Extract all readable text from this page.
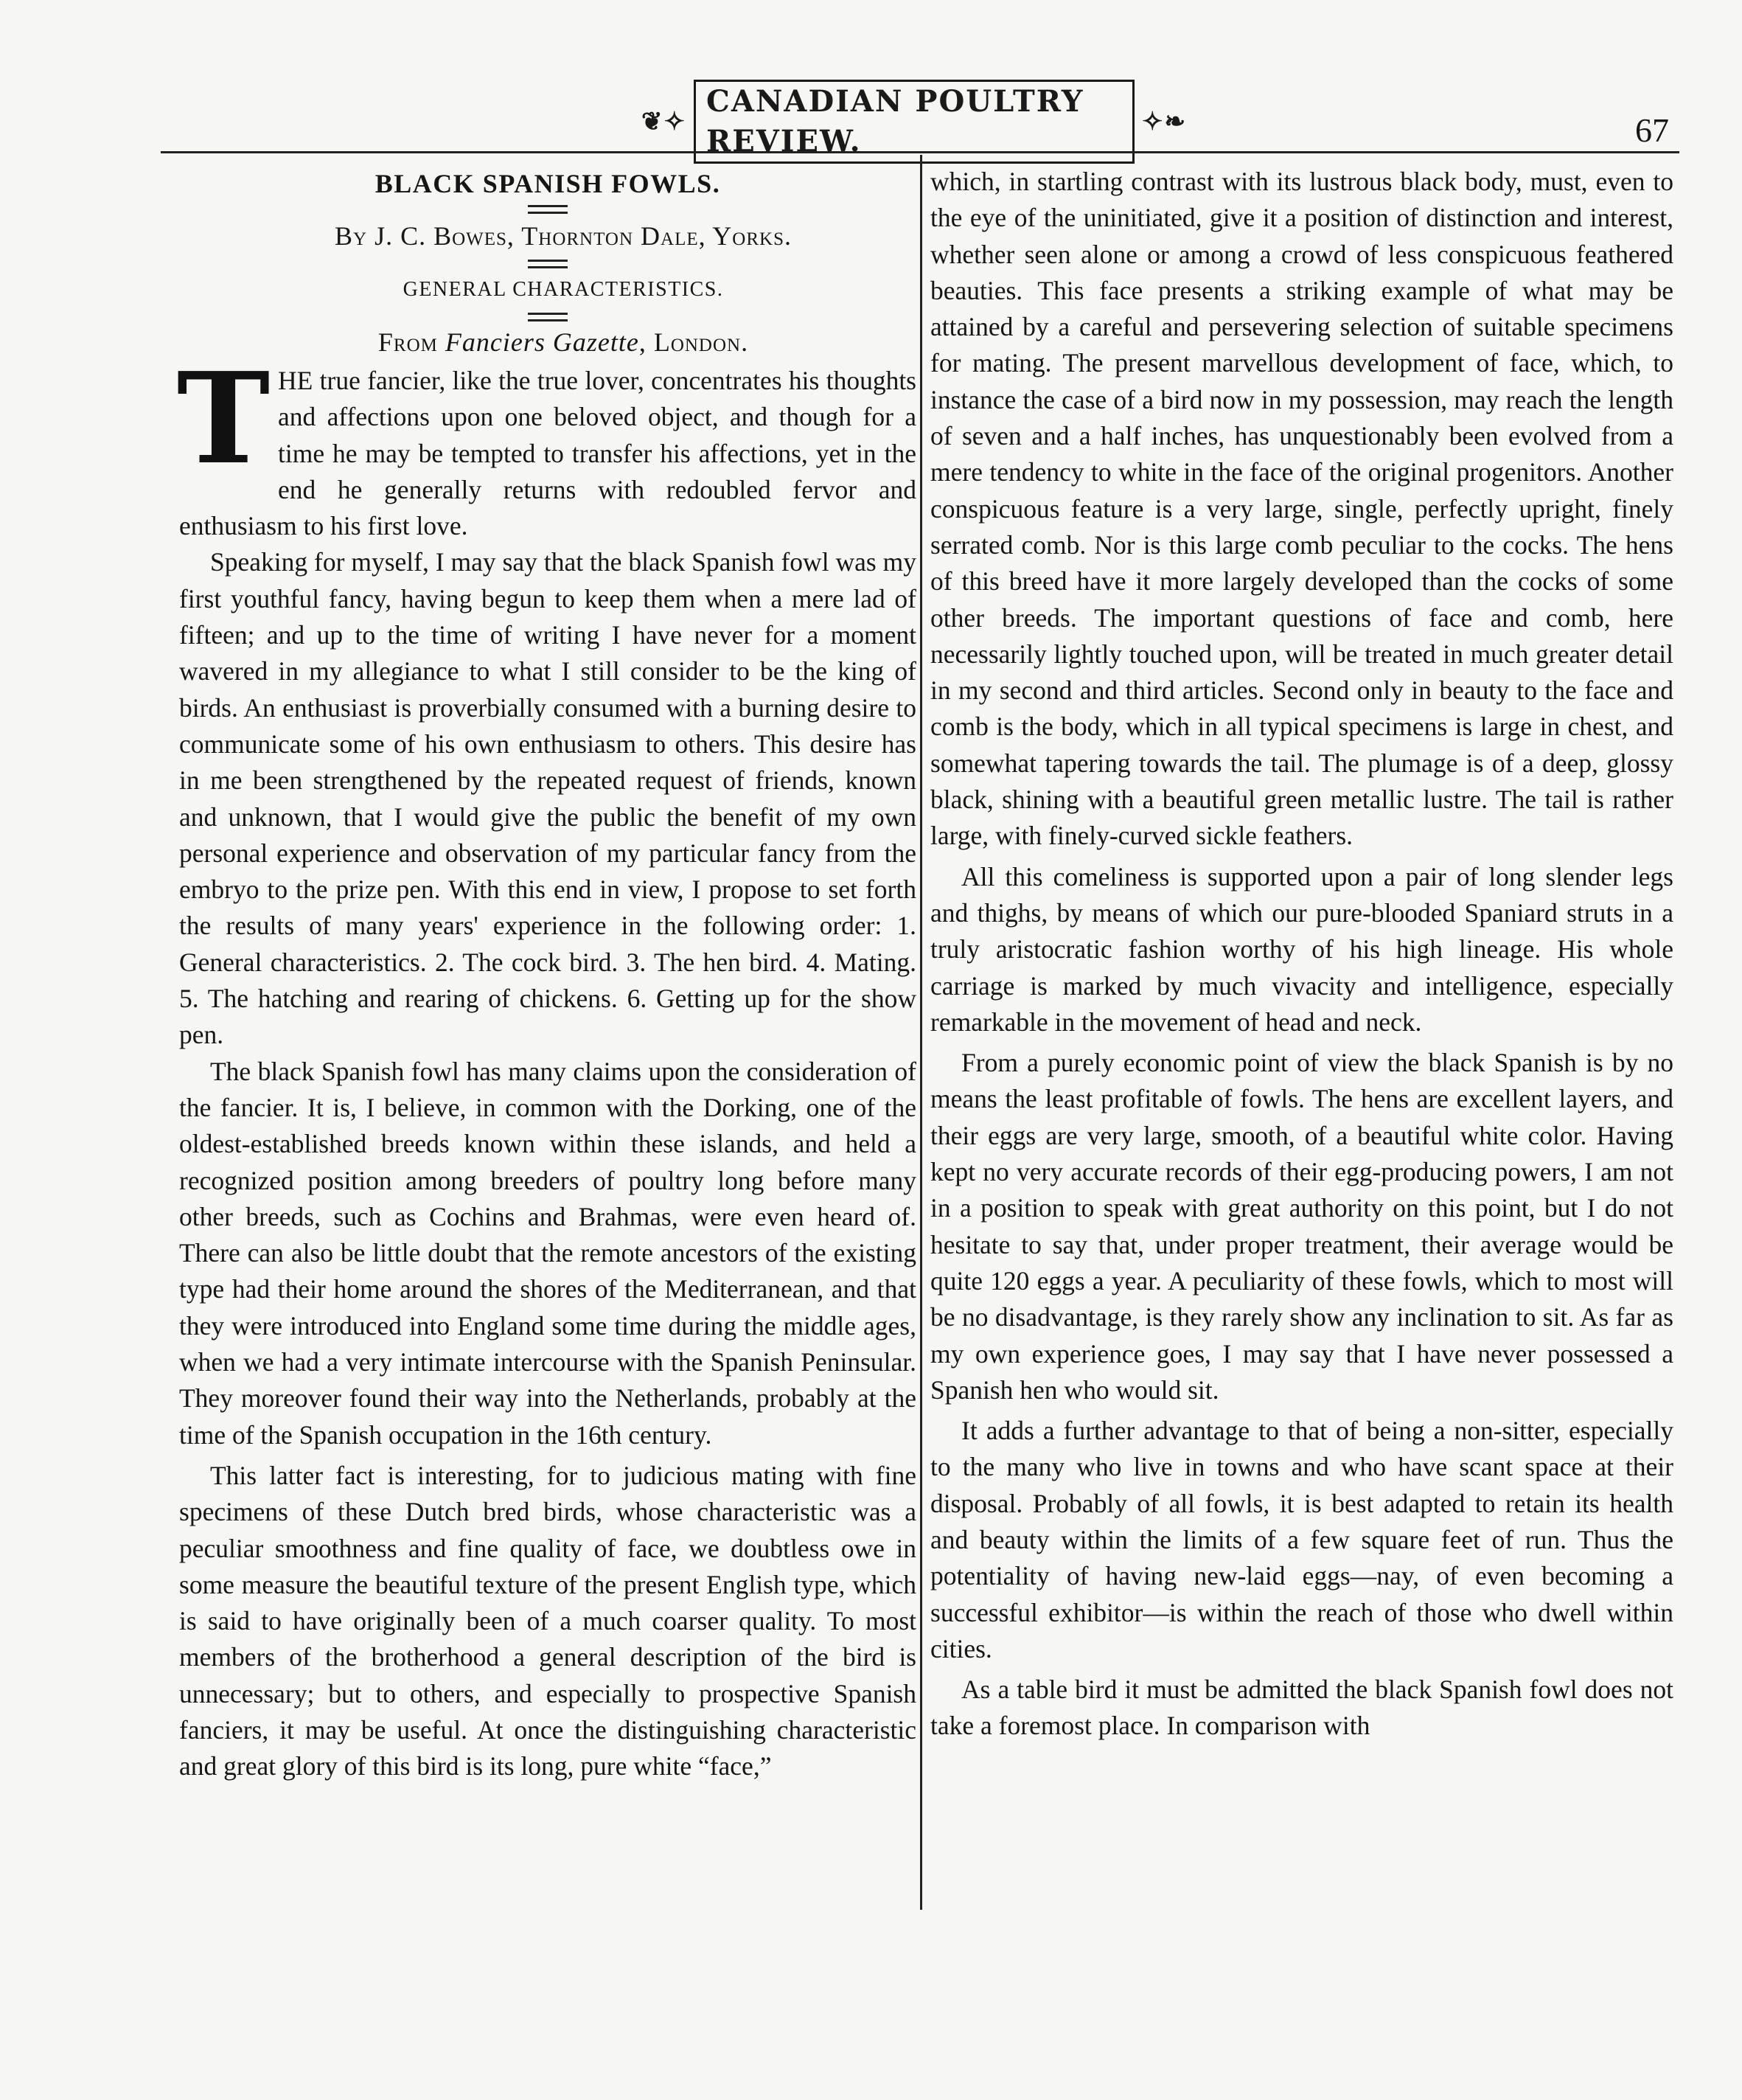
❦✧
CANADIAN POULTRY REVIEW.
✧❧	67
BLACK SPANISH FOWLS.

By J. C. Bowes, Thornton Dale, Yorks.

GENERAL CHARACTERISTICS.

From Fanciers Gazette, London.

THE true fancier, like the true lover, concentrates his thoughts and affections upon one beloved object, and though for a time he may be tempted to transfer his affections, yet in the end he generally returns with redoubled fervor and enthusiasm to his first love.

Speaking for myself, I may say that the black Spanish fowl was my first youthful fancy, having begun to keep them when a mere lad of fifteen; and up to the time of writing I have never for a moment wavered in my allegiance to what I still consider to be the king of birds. An enthusiast is proverbially consumed with a burning desire to communicate some of his own enthusiasm to others. This desire has in me been strengthened by the repeated request of friends, known and unknown, that I would give the public the benefit of my own personal experience and observation of my particular fancy from the embryo to the prize pen. With this end in view, I propose to set forth the results of many years' experience in the following order: 1. General characteristics. 2. The cock bird. 3. The hen bird. 4. Mating. 5. The hatching and rearing of chickens. 6. Getting up for the show pen.

The black Spanish fowl has many claims upon the consideration of the fancier. It is, I believe, in common with the Dorking, one of the oldest-established breeds known within these islands, and held a recognized position among breeders of poultry long before many other breeds, such as Cochins and Brahmas, were even heard of. There can also be little doubt that the remote ancestors of the existing type had their home around the shores of the Mediterranean, and that they were introduced into England some time during the middle ages, when we had a very intimate intercourse with the Spanish Peninsular. They moreover found their way into the Netherlands, probably at the time of the Spanish occupation in the 16th century.

This latter fact is interesting, for to judicious mating with fine specimens of these Dutch bred birds, whose characteristic was a peculiar smoothness and fine quality of face, we doubtless owe in some measure the beautiful texture of the present English type, which is said to have originally been of a much coarser quality. To most members of the brotherhood a general description of the bird is unnecessary; but to others, and especially to prospective Spanish fanciers, it may be useful. At once the distinguishing characteristic and great glory of this bird is its long, pure white “face,”

which, in startling contrast with its lustrous black body, must, even to the eye of the uninitiated, give it a position of distinction and interest, whether seen alone or among a crowd of less conspicuous feathered beauties. This face presents a striking example of what may be attained by a careful and persevering selection of suitable specimens for mating. The present marvellous development of face, which, to instance the case of a bird now in my possession, may reach the length of seven and a half inches, has unquestionably been evolved from a mere tendency to white in the face of the original progenitors. Another conspicuous feature is a very large, single, perfectly upright, finely serrated comb. Nor is this large comb peculiar to the cocks. The hens of this breed have it more largely developed than the cocks of some other breeds. The important questions of face and comb, here necessarily lightly touched upon, will be treated in much greater detail in my second and third articles. Second only in beauty to the face and comb is the body, which in all typical specimens is large in chest, and somewhat tapering towards the tail. The plumage is of a deep, glossy black, shining with a beautiful green metallic lustre. The tail is rather large, with finely-curved sickle feathers.

All this comeliness is supported upon a pair of long slender legs and thighs, by means of which our pure-blooded Spaniard struts in a truly aristocratic fashion worthy of his high lineage. His whole carriage is marked by much vivacity and intelligence, especially remarkable in the movement of head and neck.

From a purely economic point of view the black Spanish is by no means the least profitable of fowls. The hens are excellent layers, and their eggs are very large, smooth, of a beautiful white color. Having kept no very accurate records of their egg-producing powers, I am not in a position to speak with great authority on this point, but I do not hesitate to say that, under proper treatment, their average would be quite 120 eggs a year. A peculiarity of these fowls, which to most will be no disadvantage, is they rarely show any inclination to sit. As far as my own experience goes, I may say that I have never possessed a Spanish hen who would sit.

It adds a further advantage to that of being a non-sitter, especially to the many who live in towns and who have scant space at their disposal. Probably of all fowls, it is best adapted to retain its health and beauty within the limits of a few square feet of run. Thus the potentiality of having new-laid eggs—nay, of even becoming a successful exhibitor—is within the reach of those who dwell within cities.

As a table bird it must be admitted the black Spanish fowl does not take a foremost place. In comparison with
